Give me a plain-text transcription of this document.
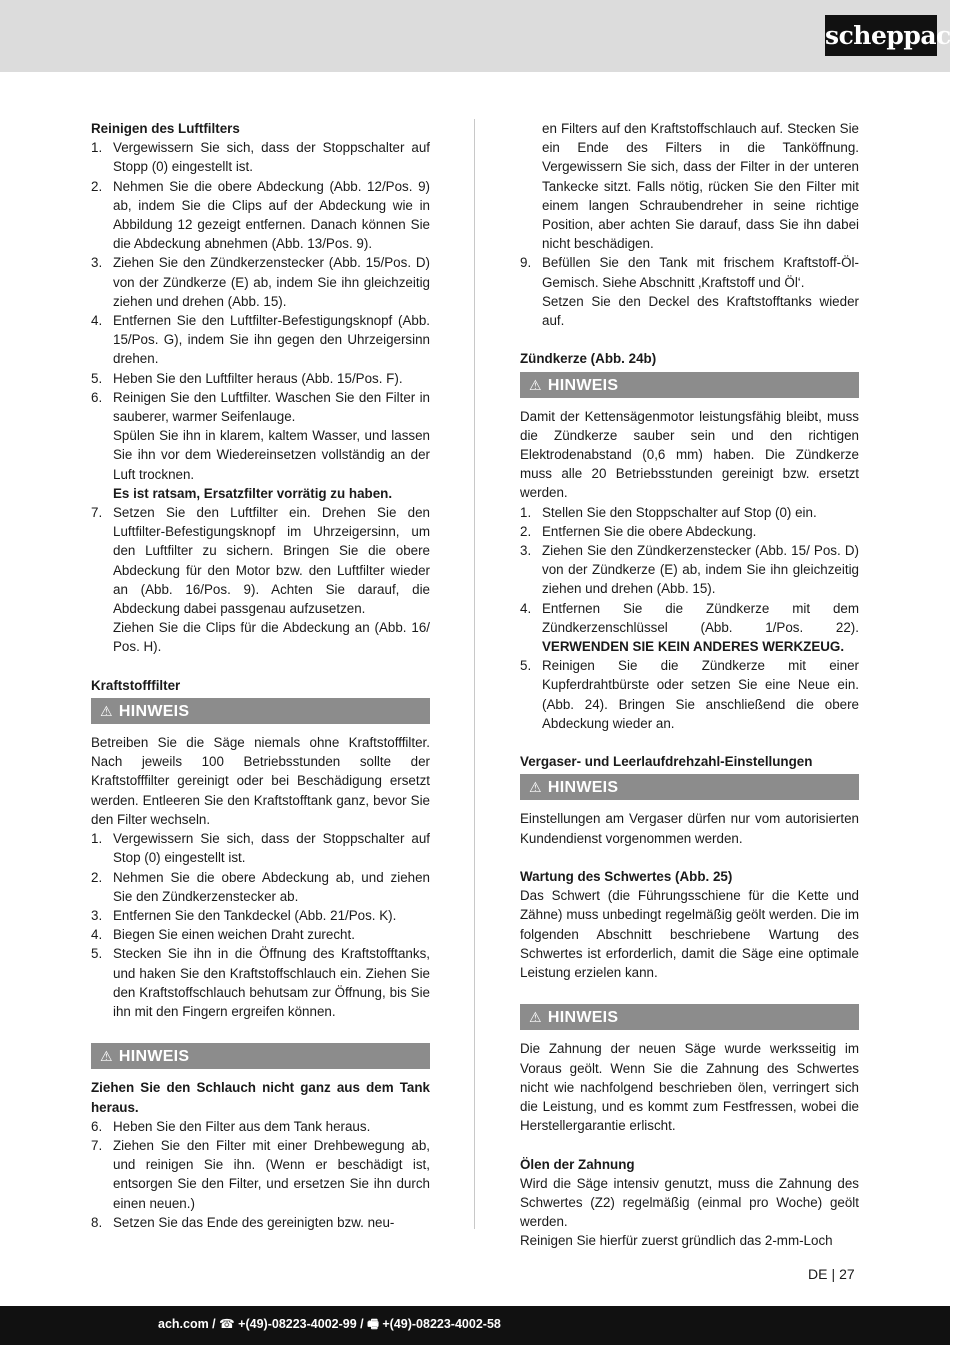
scheppach

Reinigen des Luftfilters

1. Vergewissern Sie sich, dass der Stoppschalter auf Stopp (0) eingestellt ist.
2. Nehmen Sie die obere Abdeckung (Abb. 12/Pos. 9) ab, indem Sie die Clips auf der Abdeckung wie in Abbildung 12 gezeigt entfernen. Danach können Sie die Abdeckung abnehmen (Abb. 13/Pos. 9).
3. Ziehen Sie den Zündkerzenstecker (Abb. 15/Pos. D) von der Zündkerze (E) ab, indem Sie ihn gleichzeitig ziehen und drehen (Abb. 15).
4. Entfernen Sie den Luftfilter-Befestigungsknopf (Abb. 15/Pos. G), indem Sie ihn gegen den Uhrzeigersinn drehen.
5. Heben Sie den Luftfilter heraus (Abb. 15/Pos. F).
6. Reinigen Sie den Luftfilter. Waschen Sie den Filter in sauberer, warmer Seifenlauge.

Spülen Sie ihn in klarem, kaltem Wasser, und lassen Sie ihn vor dem Wiedereinsetzen vollständig an der Luft trocknen.

Es ist ratsam, Ersatzfilter vorrätig zu haben.

7. Setzen Sie den Luftfilter ein. Drehen Sie den Luftfilter-Befestigungsknopf im Uhrzeigersinn, um den Luftfilter zu sichern. Bringen Sie die obere Abdeckung für den Motor bzw. den Luftfilter wieder an (Abb. 16/Pos. 9). Achten Sie darauf, die Abdeckung dabei passgenau aufzusetzen.

Ziehen Sie die Clips für die Abdeckung an (Abb. 16/ Pos. H).

Kraftstofffilter

⚠ HINWEIS

Betreiben Sie die Säge niemals ohne Kraftstofffilter. Nach jeweils 100 Betriebsstunden sollte der Kraftstofffilter gereinigt oder bei Beschädigung ersetzt werden. Entleeren Sie den Kraftstofftank ganz, bevor Sie den Filter wechseln.

1. Vergewissern Sie sich, dass der Stoppschalter auf Stop (0) eingestellt ist.
2. Nehmen Sie die obere Abdeckung ab, und ziehen Sie den Zündkerzenstecker ab.
3. Entfernen Sie den Tankdeckel (Abb. 21/Pos. K).
4. Biegen Sie einen weichen Draht zurecht.
5. Stecken Sie ihn in die Öffnung des Kraftstofftanks, und haken Sie den Kraftstoffschlauch ein. Ziehen Sie den Kraftstoffschlauch behutsam zur Öffnung, bis Sie ihn mit den Fingern ergreifen können.
⚠ HINWEIS

Ziehen Sie den Schlauch nicht ganz aus dem Tank heraus.

6. Heben Sie den Filter aus dem Tank heraus.
7. Ziehen Sie den Filter mit einer Drehbewegung ab, und reinigen Sie ihn. (Wenn er beschädigt ist, entsorgen Sie den Filter, und ersetzen Sie ihn durch einen neuen.)
8. Setzen Sie das Ende des gereinigten bzw. neu-

en Filters auf den Kraftstoffschlauch auf. Stecken Sie ein Ende des Filters in die Tanköffnung. Vergewissern Sie sich, dass der Filter in der unteren Tankecke sitzt. Falls nötig, rücken Sie den Filter mit einem langen Schraubendreher in seine richtige Position, aber achten Sie darauf, dass Sie ihn dabei nicht beschädigen.

9. Befüllen Sie den Tank mit frischem Kraftstoff-Öl-Gemisch. Siehe Abschnitt ‚Kraftstoff und Öl‘.

Setzen Sie den Deckel des Kraftstofftanks wieder auf.

Zündkerze (Abb. 24b)

⚠ HINWEIS

Damit der Kettensägenmotor leistungsfähig bleibt, muss die Zündkerze sauber sein und den richtigen Elektrodenabstand (0,6 mm) haben. Die Zündkerze muss alle 20 Betriebsstunden gereinigt bzw. ersetzt werden.

1. Stellen Sie den Stoppschalter auf Stop (0) ein.
2. Entfernen Sie die obere Abdeckung.
3. Ziehen Sie den Zündkerzenstecker (Abb. 15/ Pos. D) von der Zündkerze (E) ab, indem Sie ihn gleichzeitig ziehen und drehen (Abb. 15).
4. Entfernen Sie die Zündkerze mit dem Zündkerzenschlüssel (Abb. 1/Pos. 22). VERWENDEN SIE KEIN ANDERES WERKZEUG.
5. Reinigen Sie die Zündkerze mit einer Kupferdrahtbürste oder setzen Sie eine Neue ein.(Abb. 24). Bringen Sie anschließend die obere Abdeckung wieder an.

Vergaser- und Leerlaufdrehzahl-Einstellungen

⚠ HINWEIS

Einstellungen am Vergaser dürfen nur vom autorisierten Kundendienst vorgenommen werden.

Wartung des Schwertes (Abb. 25)

Das Schwert (die Führungsschiene für die Kette und Zähne) muss unbedingt regelmäßig geölt werden. Die im folgenden Abschnitt beschriebene Wartung des Schwertes ist erforderlich, damit die Säge eine optimale Leistung erzielen kann.

⚠ HINWEIS

Die Zahnung der neuen Säge wurde werksseitig im Voraus geölt. Wenn Sie die Zahnung des Schwertes nicht wie nachfolgend beschrieben ölen, verringert sich die Leistung, und es kommt zum Festfressen, wobei die Herstellergarantie erlischt.

Ölen der Zahnung

Wird die Säge intensiv genutzt, muss die Zahnung des Schwertes (Z2) regelmäßig (einmal pro Woche) geölt werden.

Reinigen Sie hierfür zuerst gründlich das 2-mm-Loch

DE | 27
ach.com / ☎ +(49)-08223-4002-99 / 🖷 +(49)-08223-4002-58
